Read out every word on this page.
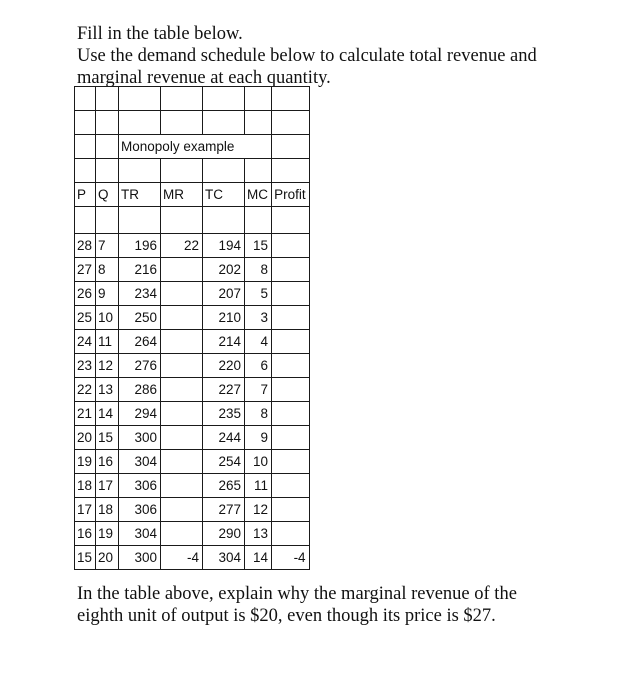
Fill in the table below.
Use the demand schedule below to calculate total revenue and
marginal revenue at each quantity.

		Monopoly example				

P	Q	TR	MR	TC	MC	Profit

28	7	196	22	194	15	
27	8	216		202	8	
26	9	234		207	5	
25	10	250		210	3	
24	11	264		214	4	
23	12	276		220	6	
22	13	286		227	7	
21	14	294		235	8	
20	15	300		244	9	
19	16	304		254	10	
18	17	306		265	11	
17	18	306		277	12	
16	19	304		290	13	
15	20	300	-4	304	14	-4
In the table above, explain why the marginal revenue of the
eighth unit of output is $20, even though its price is $27.
